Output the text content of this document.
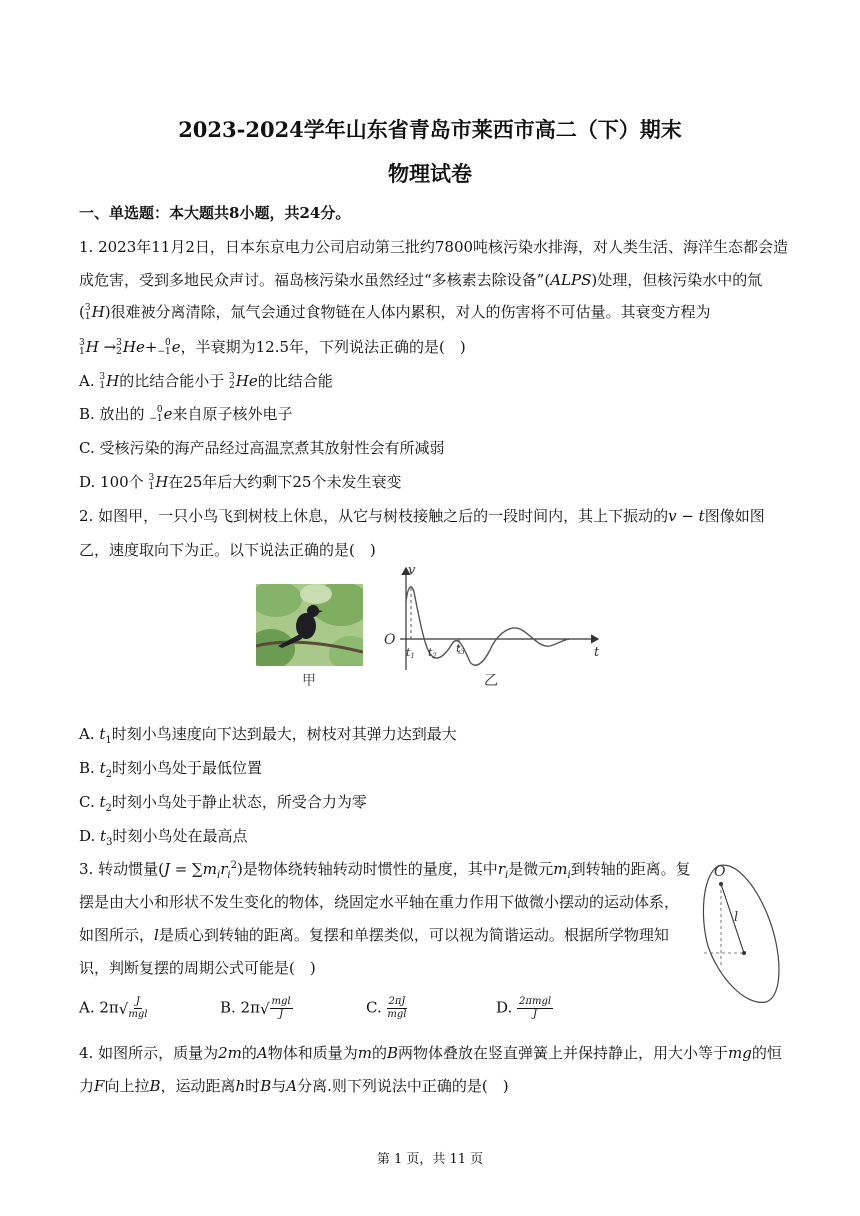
2023-2024学年山东省青岛市莱西市高二（下）期末
物理试卷
一、单选题：本大题共8小题，共24分。
1. 2023年11月2日，日本东京电力公司启动第三批约7800吨核污染水排海，对人类生活、海洋生态都会造
成危害，受到多地民众声讨。福岛核污染水虽然经过“多核素去除设备”(ALPS)处理，但核污染水中的氚
( 3
1 H)很难被分离清除，氚气会通过食物链在人体内累积，对人的伤害将不可估量。其衰变方程为
3
1 H → 3
2 He+ 0
−1 e，半衰期为12.5年，下列说法正确的是(　)
A. 3
1 H的比结合能小于 3
2 He的比结合能
B. 放出的	0
−1 e来自原子核外电子
C. 受核污染的海产品经过高温烹煮其放射性会有所减弱
D. 100个 3
1 H在25年后大约剩下25个未发生衰变
2. 如图甲，一只小鸟飞到树枝上休息，从它与树枝接触之后的一段时间内，其上下振动的v − t图像如图
乙，速度取向下为正。以下说法正确的是(　)
甲
v
t
O
t1 t2
t3
乙
A. $t_1$时刻小鸟速度向下达到最大，树枝对其弹力达到最大
B. $t_2$时刻小鸟处于最低位置
C. $t_2$时刻小鸟处于静止状态，所受合力为零
D. $t_3$时刻小鸟处在最高点
3. 转动惯量$(J = \sum m_ir_i^2)$是物体绕转轴转动时惯性的量度，其中$r_i$是微元$m_i$到转轴的距离。复
摆是由大小和形状不发生变化的物体，绕固定水平轴在重力作用下做微小摆动的运动体系，
如图所示，l是质心到转轴的距离。复摆和单摆类似，可以视为简谐运动。根据所学物理知
识，判断复摆的周期公式可能是(　)
O
l
A. $2\pi√ \frac{J}{\text{mgl}}$	B. $2\pi√ \frac{\text{mgl}}{J}$	C. $\frac{2\pi J}{\text{mgl}}$	D. $\frac{\text{2πmgl}}{J}$
4. 如图所示，质量为2m的A物体和质量为m的B两物体叠放在竖直弹簧上并保持静止，用大小等于mg的恒
力F向上拉B，运动距离h时B与A分离.则下列说法中正确的是(　)
第 1 页，共 11 页
